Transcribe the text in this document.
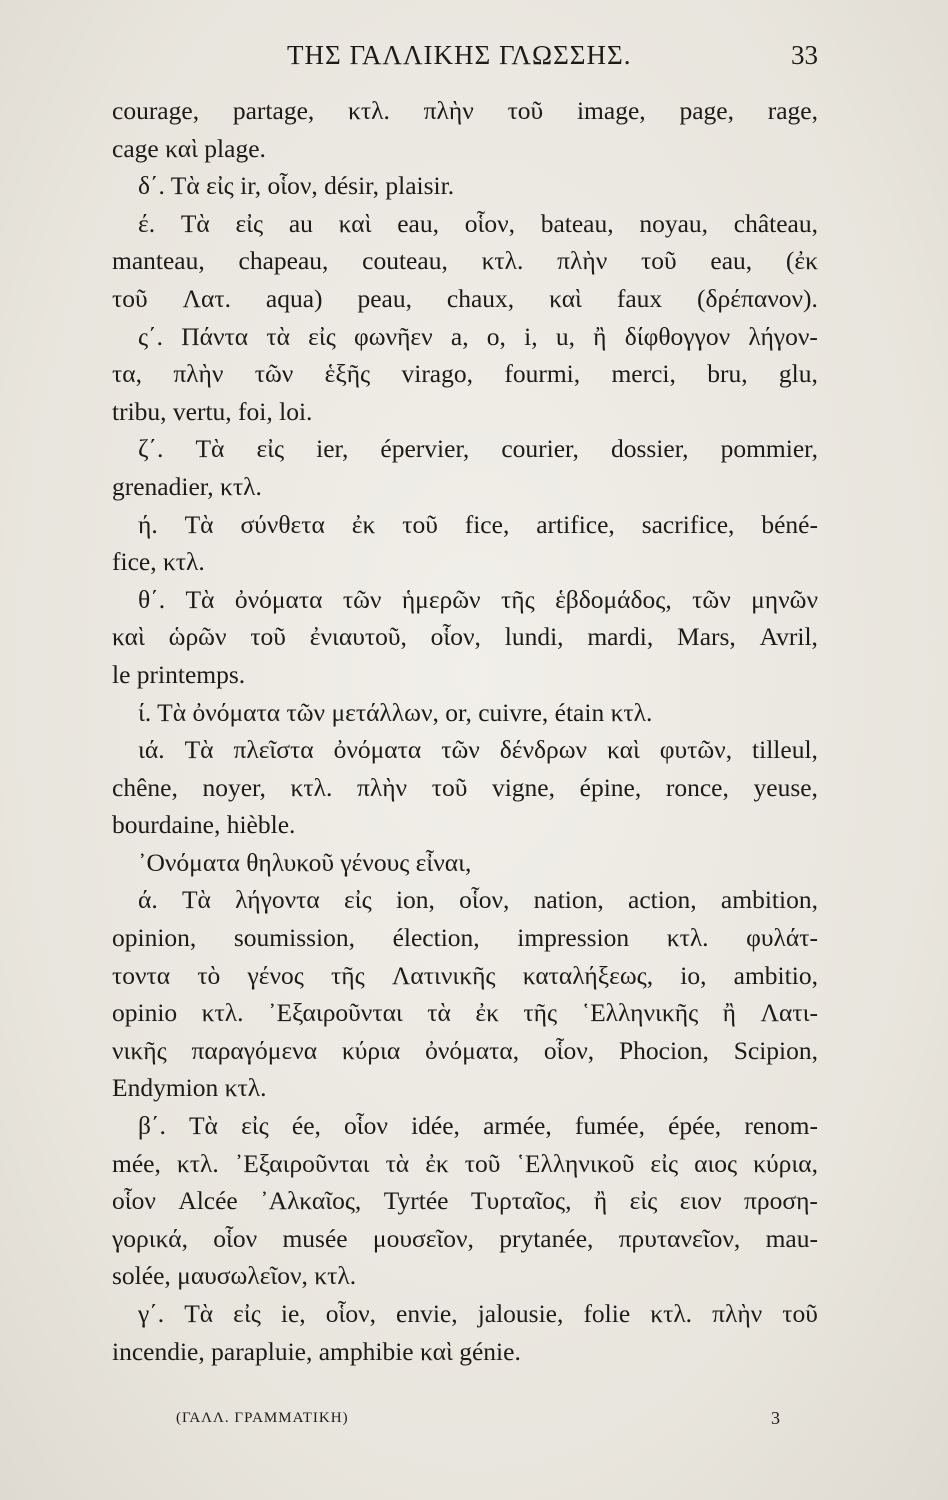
ΤΗΣ ΓΑΛΛΙΚΗΣ ΓΛΩΣΣΗΣ.	33
courage, partage, κτλ. πλὴν τοῦ image, page, rage,
cage καὶ plage.
δ΄. Τὰ εἰς ir, οἷον, désir, plaisir.
έ. Τὰ εἰς au καὶ eau, οἷον, bateau, noyau, château,
manteau, chapeau, couteau, κτλ. πλὴν τοῦ eau, (ἐκ
τοῦ Λατ. aqua) peau, chaux, καὶ faux (δρέπανον).
ς΄. Πάντα τὰ εἰς φωνῆεν a, o, i, u, ἢ δίφθογγον λήγον-
τα, πλὴν τῶν ἑξῆς virago, fourmi, merci, bru, glu,
tribu, vertu, foi, loi.
ζ΄. Τὰ εἰς ier, épervier, courier, dossier, pommier,
grenadier, κτλ.
ή. Τὰ σύνθετα ἐκ τοῦ fice, artifice, sacrifice, béné-
fice, κτλ.
θ΄. Τὰ ὀνόματα τῶν ἡμερῶν τῆς ἑβδομάδος, τῶν μηνῶν
καὶ ὡρῶν τοῦ ἐνιαυτοῦ, οἷον, lundi, mardi, Mars, Avril,
le printemps.
ί. Τὰ ὀνόματα τῶν μετάλλων, or, cuivre, étain κτλ.
ιά. Τὰ πλεῖστα ὀνόματα τῶν δένδρων καὶ φυτῶν, tilleul,
chêne, noyer, κτλ. πλὴν τοῦ vigne, épine, ronce, yeuse,
bourdaine, hièble.
᾿Ονόματα θηλυκοῦ γένους εἶναι,
ά. Τὰ λήγοντα εἰς ion, οἷον, nation, action, ambition,
opinion, soumission, élection, impression κτλ. φυλάτ-
τοντα τὸ γένος τῆς Λατινικῆς καταλήξεως, io, ambitio,
opinio κτλ. ᾿Εξαιροῦνται τὰ ἐκ τῆς ῾Ελληνικῆς ἢ Λατι-
νικῆς παραγόμενα κύρια ὀνόματα, οἷον, Phocion, Scipion,
Endymion κτλ.
β΄. Τὰ εἰς ée, οἷον idée, armée, fumée, épée, renom-
mée, κτλ. ᾿Εξαιροῦνται τὰ ἐκ τοῦ ῾Ελληνικοῦ εἰς αιος κύρια,
οἷον Alcée ᾿Αλκαῖος, Tyrtée Τυρταῖος, ἢ εἰς ειον προση-
γορικά, οἷον musée μουσεῖον, prytanée, πρυτανεῖον, mau-
solée, μαυσωλεῖον, κτλ.
γ΄. Τὰ εἰς ie, οἷον, envie, jalousie, folie κτλ. πλὴν τοῦ
incendie, parapluie, amphibie καὶ génie.
(ΓΑΛΛ. ΓΡΑΜΜΑΤΙΚΗ)	3
